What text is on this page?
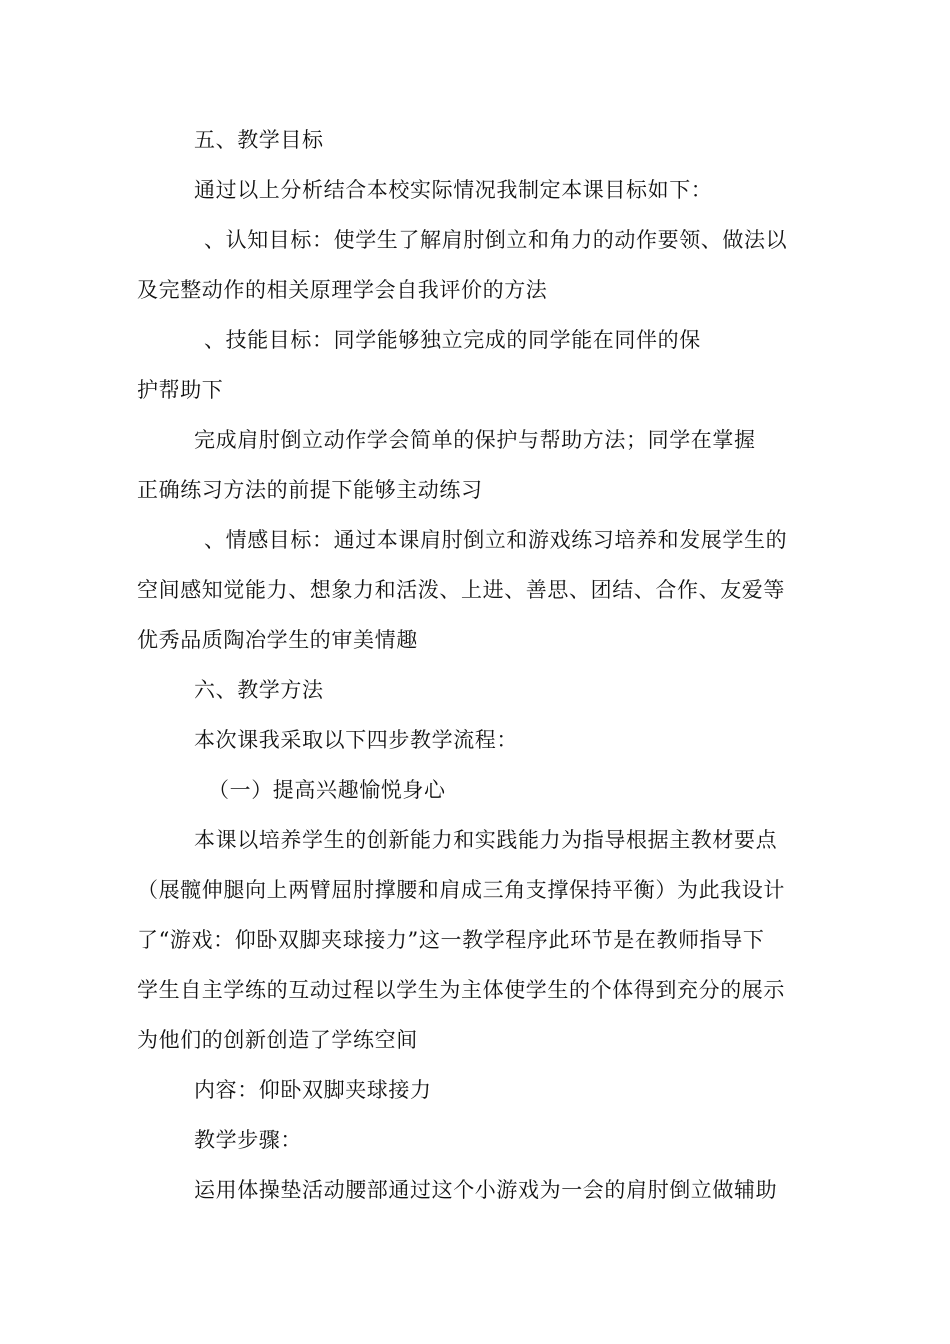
五、教学目标
通过以上分析结合本校实际情况我制定本课目标如下：
、认知目标：使学生了解肩肘倒立和角力的动作要领、做法以
及完整动作的相关原理学会自我评价的方法
、技能目标：同学能够独立完成的同学能在同伴的保
护帮助下
完成肩肘倒立动作学会简单的保护与帮助方法；同学在掌握
正确练习方法的前提下能够主动练习
、情感目标：通过本课肩肘倒立和游戏练习培养和发展学生的
空间感知觉能力、想象力和活泼、上进、善思、团结、合作、友爱等
优秀品质陶冶学生的审美情趣
六、教学方法
本次课我采取以下四步教学流程：
（一）提高兴趣愉悦身心
本课以培养学生的创新能力和实践能力为指导根据主教材要点
（展髋伸腿向上两臂屈肘撑腰和肩成三角支撑保持平衡）为此我设计
了“游戏：仰卧双脚夹球接力”这一教学程序此环节是在教师指导下
学生自主学练的互动过程以学生为主体使学生的个体得到充分的展示
为他们的创新创造了学练空间
内容：仰卧双脚夹球接力
教学步骤：
运用体操垫活动腰部通过这个小游戏为一会的肩肘倒立做辅助
